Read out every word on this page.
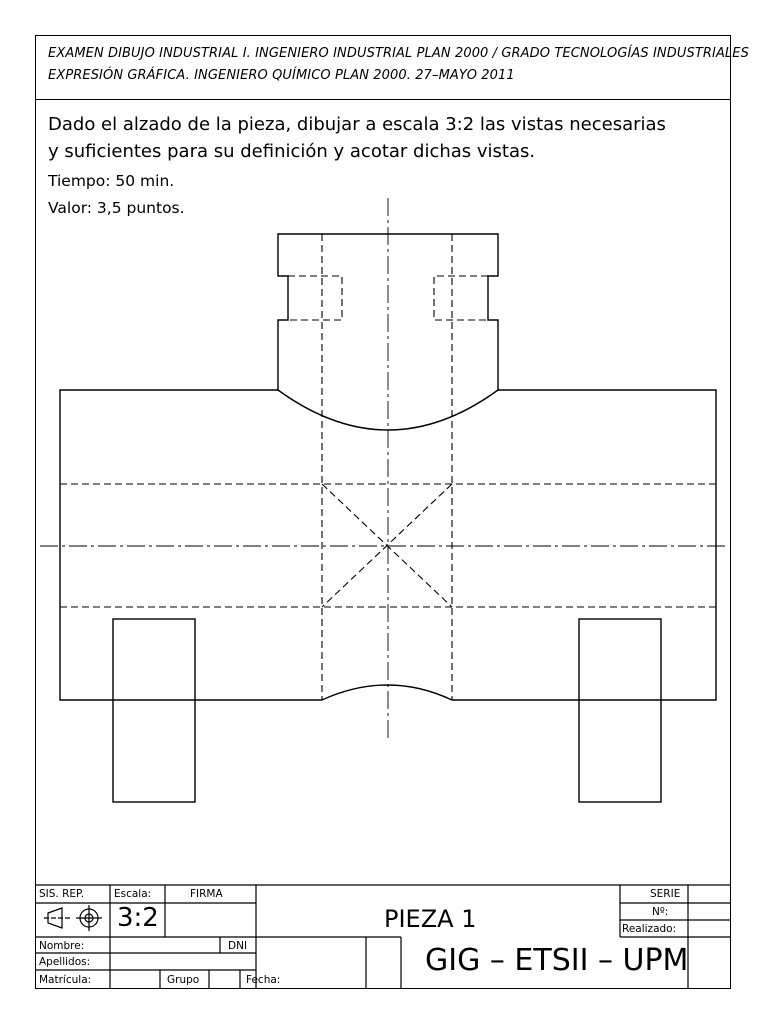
EXAMEN DIBUJO INDUSTRIAL I. INGENIERO INDUSTRIAL PLAN 2000 / GRADO TECNOLOGÍAS INDUSTRIALES
EXPRESIÓN GRÁFICA. INGENIERO QUÍMICO PLAN 2000. 27–MAYO 2011
Dado el alzado de la pieza, dibujar a escala 3:2 las vistas necesarias
y suficientes para su definición y acotar dichas vistas.
Tiempo: 50 min.
Valor: 3,5 puntos.
SIS. REP.	Escala:	FIRMA
3:2	PIEZA 1
SERIE
Nº:
Realizado:
Nombre:	DNI
Apellidos:
Matrícula:	Grupo	Fecha:
GIG – ETSII – UPM
